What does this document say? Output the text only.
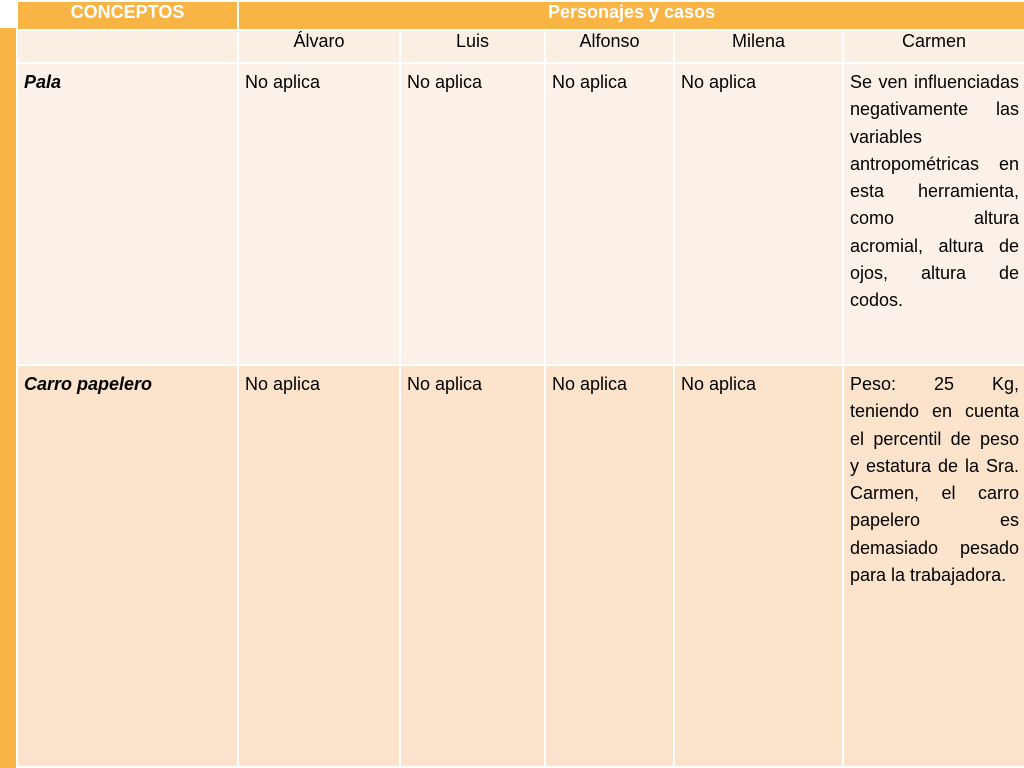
CONCEPTOS	Personajes y casos				
	Álvaro	Luis	Alfonso	Milena	Carmen

Pala	No aplica	No aplica	No aplica	No aplica	Se ven influenciadas negativamente las variables antropométricas en esta herramienta, como altura acromial, altura de ojos, altura de codos.

Carro papelero	No aplica	No aplica	No aplica	No aplica	Peso: 25 Kg, teniendo en cuenta el percentil de peso y estatura de la Sra. Carmen, el carro papelero es demasiado pesado para la trabajadora.
